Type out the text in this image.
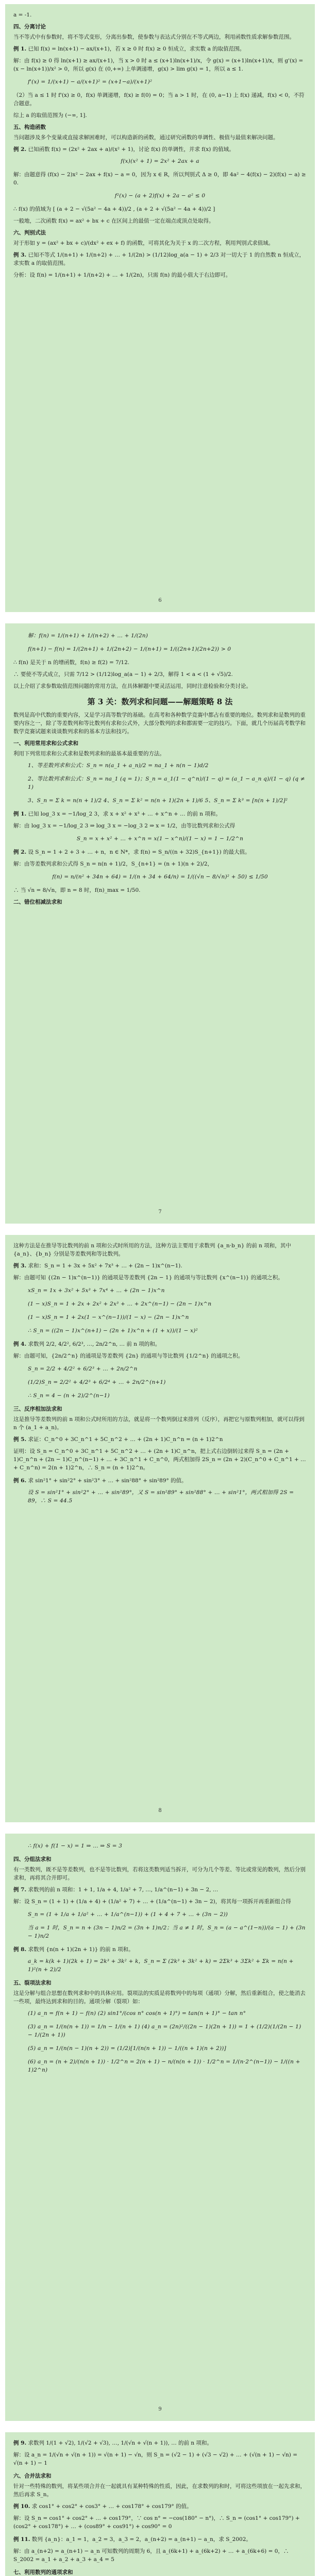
a = -1.
四、分离讨论
当不等式中有参数时，将不等式变形，分离出参数，使参数与表达式分别在不等式两边，利用函数性质求解参数范围。
例 1. 已知 f(x) = ln(x+1) − ax/(x+1)，若 x ≥ 0 时 f(x) ≥ 0 恒成立，求实数 a 的取值范围。
解：由 f(x) ≥ 0 得 ln(x+1) ≥ ax/(x+1)，当 x > 0 时 a ≤ (x+1)ln(x+1)/x，令 g(x) = (x+1)ln(x+1)/x，则 g'(x) = (x − ln(x+1))/x² > 0，所以 g(x) 在 (0,+∞) 上单调递增，g(x) > lim g(x) = 1，所以 a ≤ 1.
f'(x) = 1/(x+1) − a/(x+1)² = (x+1−a)/(x+1)²
（2）当 a ≤ 1 时 f'(x) ≥ 0，f(x) 单调递增，f(x) ≥ f(0) = 0；当 a > 1 时，在 (0, a−1) 上 f(x) 递减，f(x) < 0，不符合题意。
综上 a 的取值范围为 (−∞, 1].
五、构造函数
当问题涉及多个变量或直接求解困难时，可以构造新的函数，通过研究函数的单调性、极值与最值来解决问题。
例 2. 已知函数 f(x) = (2x² + 2ax + a)/(x² + 1)，讨论 f(x) 的单调性，并求 f(x) 的值域。
f(x)(x² + 1) = 2x² + 2ax + a
解：由题意得 (f(x) − 2)x² − 2ax + f(x) − a = 0，因为 x ∈ R，所以判别式 Δ ≥ 0，即 4a² − 4(f(x) − 2)(f(x) − a) ≥ 0.
f²(x) − (a + 2)f(x) + 2a − a² ≤ 0
∴ f(x) 的值域为 [ (a + 2 − √(5a² − 4a + 4))/2 , (a + 2 + √(5a² − 4a + 4))/2 ]
一般地，二次函数 f(x) = ax² + bx + c 在区间上的最值一定在端点或顶点处取得。
六、判别式法
对于形如 y = (ax² + bx + c)/(dx² + ex + f) 的函数，可将其化为关于 x 的二次方程，利用判别式求值域。
例 3. 已知不等式 1/(n+1) + 1/(n+2) + … + 1/(2n) > (1/12)log_a(a − 1) + 2/3 对一切大于 1 的自然数 n 恒成立，求实数 a 的取值范围。
分析：设 f(n) = 1/(n+1) + 1/(n+2) + … + 1/(2n)，只需 f(n) 的最小值大于右边即可。
6
解：f(n) = 1/(n+1) + 1/(n+2) + … + 1/(2n)
f(n+1) − f(n) = 1/(2n+1) + 1/(2n+2) − 1/(n+1) = 1/((2n+1)(2n+2)) > 0
∴ f(n) 是关于 n 的增函数，f(n) ≥ f(2) = 7/12.
∴ 要使不等式成立，只需 7/12 > (1/12)log_a(a − 1) + 2/3，解得 1 < a < (1 + √5)/2.
以上介绍了求参数取值范围问题的常用方法，在具体解题中要灵活运用，同时注意检验和分类讨论。
第 3 关：数列求和问题——解题策略 8 法
数列是高中代数的重要内容，又是学习高等数学的基础。在高考和各种数学竞赛中都占有重要的地位。数列求和是数列的重要内容之一，除了等差数列和等比数列有求和公式外，大部分数列的求和都需要一定的技巧。下面，就几个历届高考数学和数学竞赛试题来谈谈数列求和的基本方法和技巧。
一、利用常用求和公式求和
利用下列常用求和公式求和是数列求和的最基本最重要的方法。
1、等差数列求和公式：S_n = n(a_1 + a_n)/2 = na_1 + n(n − 1)d/2
2、等比数列求和公式：S_n = na_1 (q = 1)；S_n = a_1(1 − q^n)/(1 − q) = (a_1 − a_n q)/(1 − q) (q ≠ 1)
3、S_n = Σ k = n(n + 1)/2 4、S_n = Σ k² = n(n + 1)(2n + 1)/6 5、S_n = Σ k³ = [n(n + 1)/2]²
例 1. 已知 log_3 x = −1/log_2 3，求 x + x² + x³ + … + x^n + … 的前 n 项和。
解：由 log_3 x = −1/log_2 3 ⇒ log_3 x = −log_3 2 ⇒ x = 1/2，由等比数列求和公式得
S_n = x + x² + … + x^n = x(1 − x^n)/(1 − x) = 1 − 1/2^n
例 2. 设 S_n = 1 + 2 + 3 + … + n，n ∈ N*，求 f(n) = S_n/((n + 32)S_{n+1}) 的最大值。
解：由等差数列求和公式得 S_n = n(n + 1)/2，S_{n+1} = (n + 1)(n + 2)/2，
f(n) = n/(n² + 34n + 64) = 1/(n + 34 + 64/n) = 1/((√n − 8/√n)² + 50) ≤ 1/50
∴ 当 √n = 8/√n，即 n = 8 时，f(n)_max = 1/50.
二、错位相减法求和
7
这种方法是在推导等比数列的前 n 项和公式时所用的方法，这种方法主要用于求数列 {a_n·b_n} 的前 n 项和，其中 {a_n}、{b_n} 分别是等差数列和等比数列。
例 3. 求和：S_n = 1 + 3x + 5x² + 7x³ + … + (2n − 1)x^(n−1).
解：由题可知 {(2n − 1)x^(n−1)} 的通项是等差数列 {2n − 1} 的通项与等比数列 {x^(n−1)} 的通项之积。
xS_n = 1x + 3x² + 5x³ + 7x⁴ + … + (2n − 1)x^n
(1 − x)S_n = 1 + 2x + 2x² + 2x³ + … + 2x^(n−1) − (2n − 1)x^n
(1 − x)S_n = 1 + 2x(1 − x^(n−1))/(1 − x) − (2n − 1)x^n
∴ S_n = ((2n − 1)x^(n+1) − (2n + 1)x^n + (1 + x))/(1 − x)²
例 4. 求数列 2/2, 4/2², 6/2³, …, 2n/2^n, … 前 n 项的和。
解：由题可知，{2n/2^n} 的通项是等差数列 {2n} 的通项与等比数列 {1/2^n} 的通项之积。
S_n = 2/2 + 4/2² + 6/2³ + … + 2n/2^n
(1/2)S_n = 2/2² + 4/2³ + 6/2⁴ + … + 2n/2^(n+1)
∴ S_n = 4 − (n + 2)/2^(n−1)
三、反序相加法求和
这是推导等差数列的前 n 项和公式时所用的方法，就是将一个数列倒过来排列（反序），再把它与原数列相加，就可以得到 n 个 (a_1 + a_n)。
例 5. 求证：C_n^0 + 3C_n^1 + 5C_n^2 + … + (2n + 1)C_n^n = (n + 1)2^n
证明：设 S_n = C_n^0 + 3C_n^1 + 5C_n^2 + … + (2n + 1)C_n^n，把上式右边倒转过来得 S_n = (2n + 1)C_n^n + (2n − 1)C_n^(n−1) + … + 3C_n^1 + C_n^0，两式相加得 2S_n = (2n + 2)(C_n^0 + C_n^1 + … + C_n^n) = 2(n + 1)2^n，∴ S_n = (n + 1)2^n。
例 6. 求 sin²1° + sin²2° + sin²3° + … + sin²88° + sin²89° 的值。
设 S = sin²1° + sin²2° + … + sin²89°，又 S = sin²89° + sin²88° + … + sin²1°，两式相加得 2S = 89，∴ S = 44.5
8
∴ f(x) + f(1 − x) = 1 ⇒ … ⇒ S = 3
四、分组法求和
有一类数列，既不是等差数列，也不是等比数列，若将这类数列适当拆开，可分为几个等差、等比或常见的数列，然后分别求和，再将其合并即可。
例 7. 求数列的前 n 项和：1 + 1, 1/a + 4, 1/a² + 7, …, 1/a^(n−1) + 3n − 2, …
解：设 S_n = (1 + 1) + (1/a + 4) + (1/a² + 7) + … + (1/a^(n−1) + 3n − 2)，将其每一项拆开再重新组合得
S_n = (1 + 1/a + 1/a² + … + 1/a^(n−1)) + (1 + 4 + 7 + … + (3n − 2))
当 a = 1 时，S_n = n + (3n − 1)n/2 = (3n + 1)n/2；当 a ≠ 1 时，S_n = (a − a^(1−n))/(a − 1) + (3n − 1)n/2
例 8. 求数列 {n(n + 1)(2n + 1)} 的前 n 项和。
a_k = k(k + 1)(2k + 1) = 2k³ + 3k² + k，S_n = Σ (2k³ + 3k² + k) = 2Σk³ + 3Σk² + Σk = n(n + 1)²(n + 2)/2
五、裂项法求和
这是分解与组合思想在数列求和中的具体应用。裂项法的实质是将数列中的每项（通项）分解，然后重新组合，使之能消去一些项，最终达到求和的目的。通项分解（裂项）如：
(1) a_n = f(n + 1) − f(n) (2) sin1°/(cos n° cos(n + 1)°) = tan(n + 1)° − tan n°
(3) a_n = 1/(n(n + 1)) = 1/n − 1/(n + 1) (4) a_n = (2n)²/((2n − 1)(2n + 1)) = 1 + (1/2)(1/(2n − 1) − 1/(2n + 1))
(5) a_n = 1/(n(n − 1)(n + 2)) = (1/2)[1/(n(n + 1)) − 1/((n + 1)(n + 2))]
(6) a_n = (n + 2)/(n(n + 1)) · 1/2^n = 2(n + 1) − n/(n(n + 1)) · 1/2^n = 1/(n·2^(n−1)) − 1/((n + 1)2^n)
9
例 9. 求数列 1/(1 + √2), 1/(√2 + √3), …, 1/(√n + √(n + 1)), … 的前 n 项和。
解：设 a_n = 1/(√n + √(n + 1)) = √(n + 1) − √n，则 S_n = (√2 − 1) + (√3 − √2) + … + (√(n + 1) − √n) = √(n + 1) − 1
六、合并法求和
针对一些特殊的数列，将某些项合并在一起就具有某种特殊的性质，因此，在求数列的和时，可将这些项放在一起先求和，然后再求 S_n。
例 10. 求 cos1° + cos2° + cos3° + … + cos178° + cos179° 的值。
解：设 S_n = cos1° + cos2° + … + cos179°，∵ cos n° = −cos(180° − n°)，∴ S_n = (cos1° + cos179°) + (cos2° + cos178°) + … + (cos89° + cos91°) + cos90° = 0
例 11. 数列 {a_n}：a_1 = 1，a_2 = 3，a_3 = 2，a_(n+2) = a_(n+1) − a_n，求 S_2002。
解：由 a_(n+2) = a_(n+1) − a_n 可知数列的周期为 6，且 a_(6k+1) + a_(6k+2) + … + a_(6k+6) = 0，∴ S_2002 = a_1 + a_2 + a_3 + a_4 = 5
七、利用数列的通项求和
